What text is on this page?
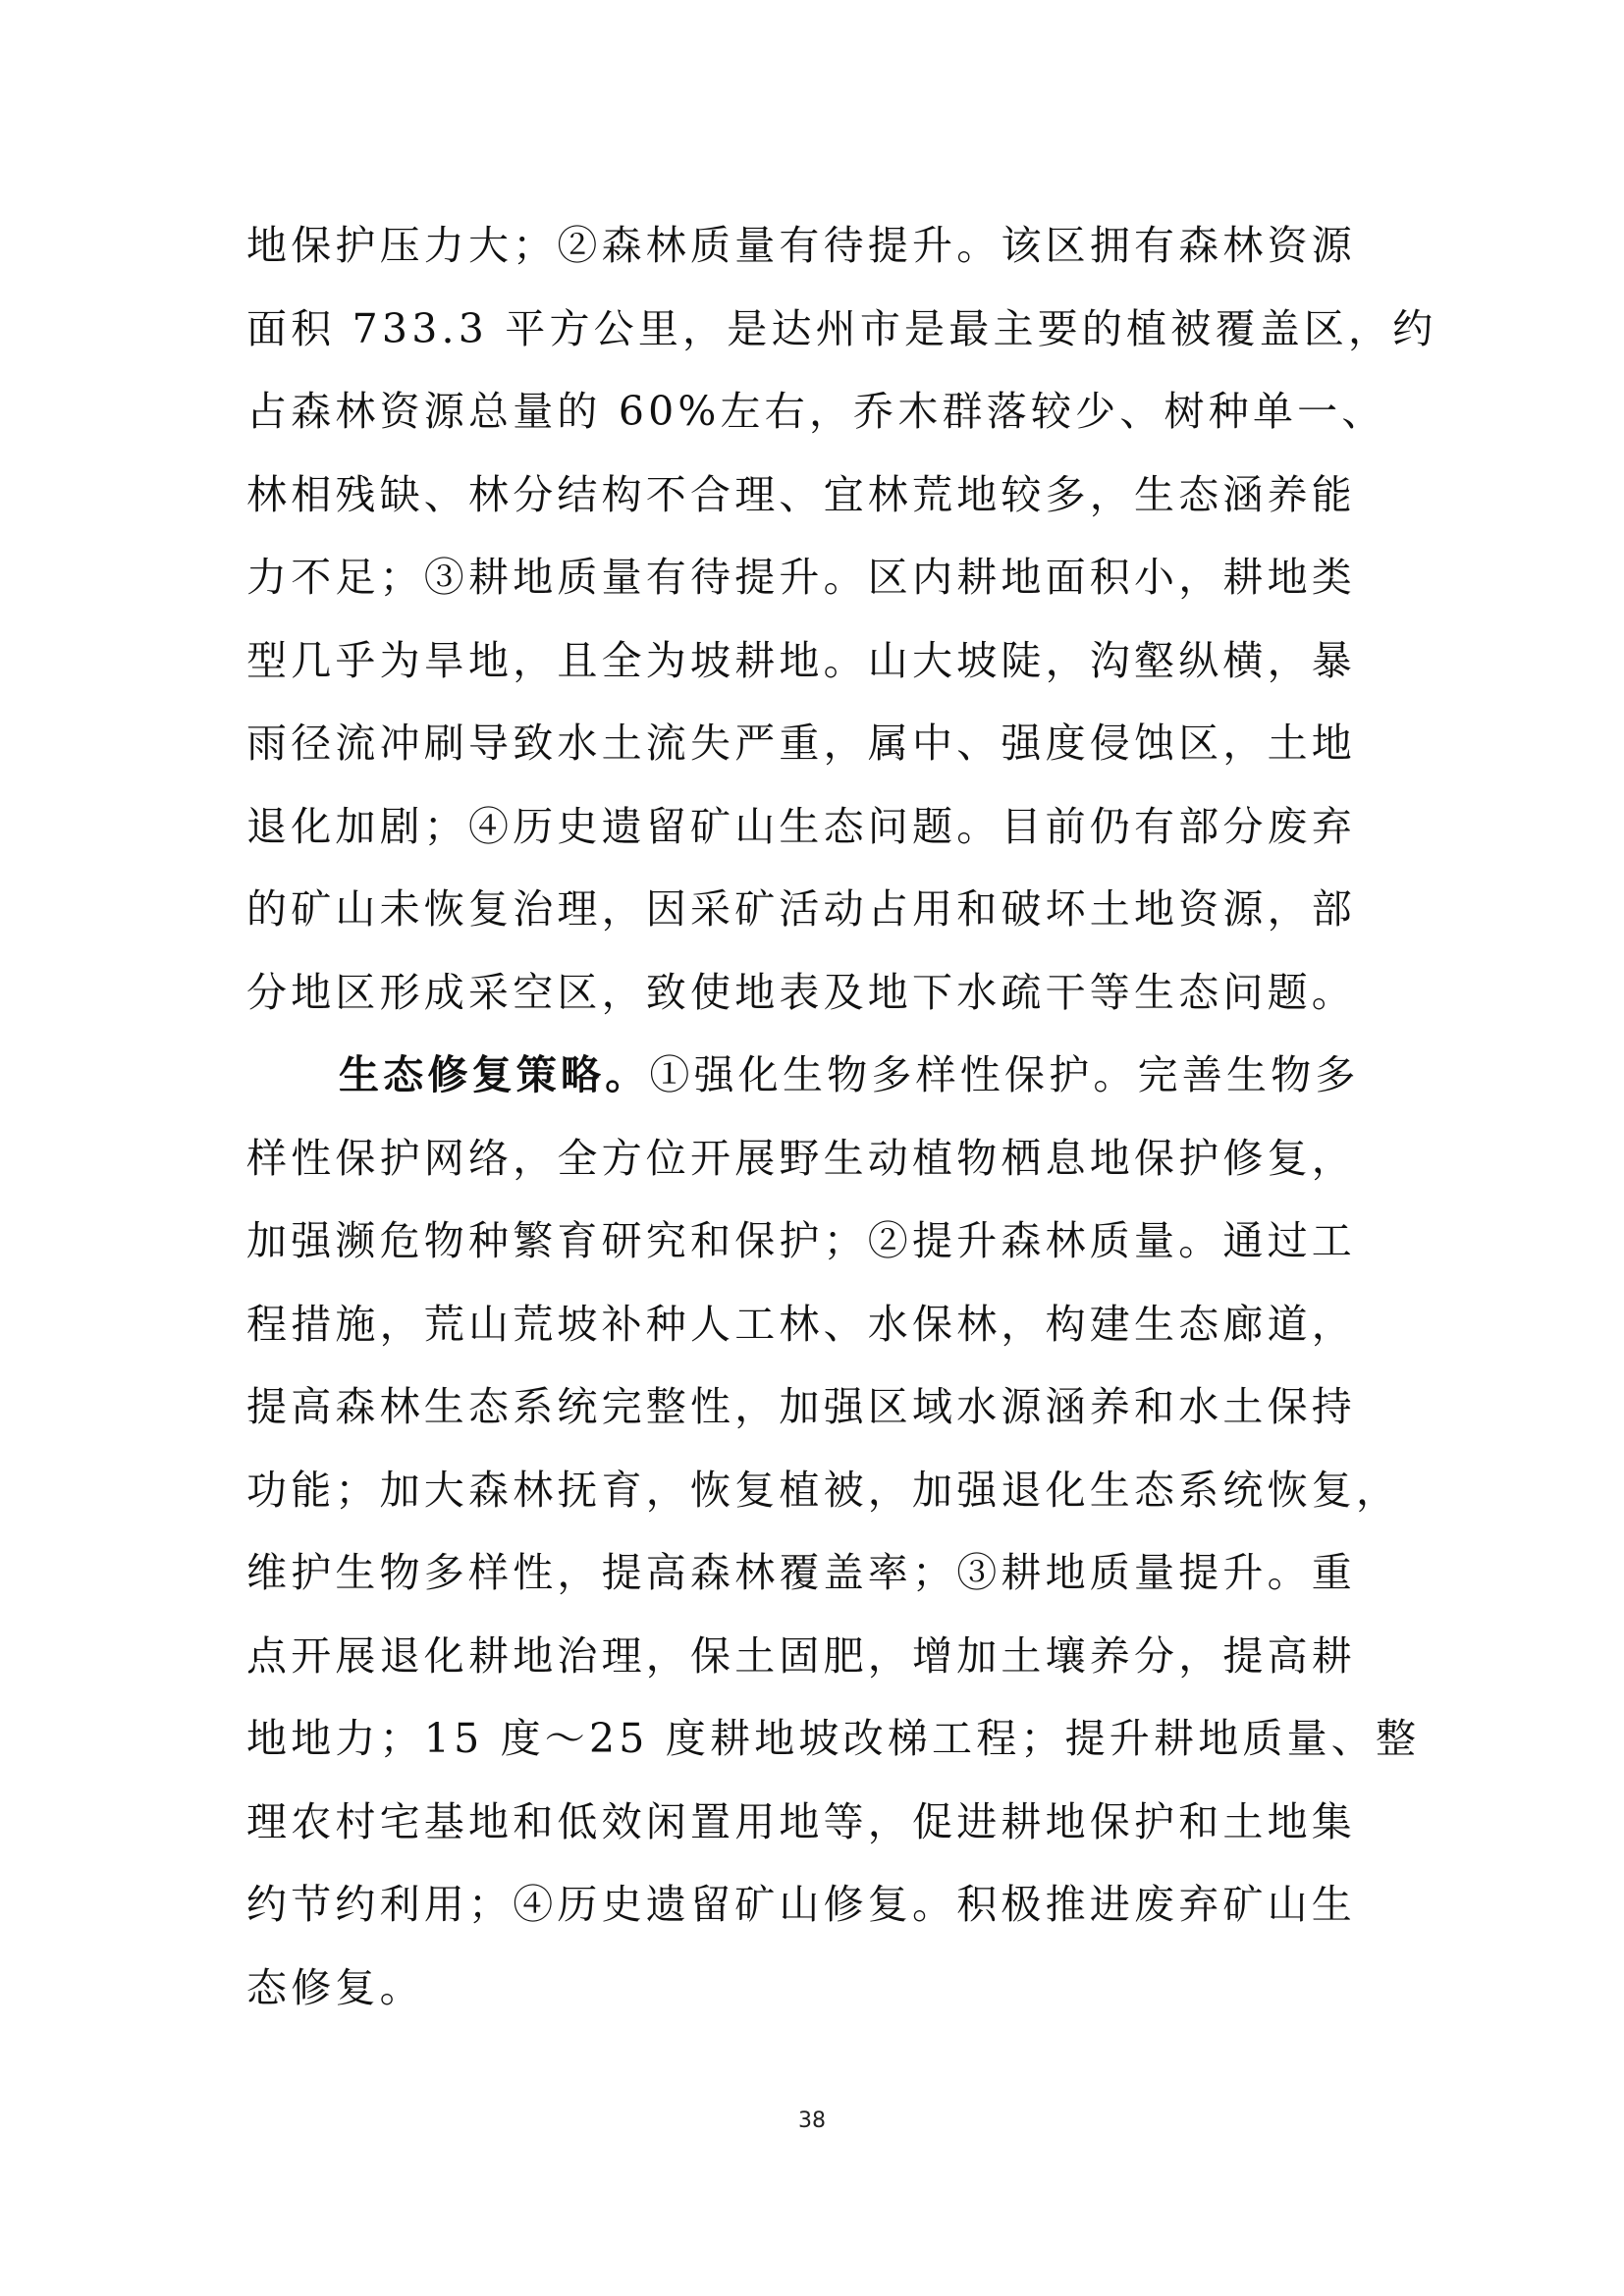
地保护压力大；②森林质量有待提升。该区拥有森林资源
面积 733.3 平方公里，是达州市是最主要的植被覆盖区，约
占森林资源总量的 60%左右，乔木群落较少、树种单一、
林相残缺、林分结构不合理、宜林荒地较多，生态涵养能
力不足；③耕地质量有待提升。区内耕地面积小，耕地类
型几乎为旱地，且全为坡耕地。山大坡陡，沟壑纵横，暴
雨径流冲刷导致水土流失严重，属中、强度侵蚀区，土地
退化加剧；④历史遗留矿山生态问题。目前仍有部分废弃
的矿山未恢复治理，因采矿活动占用和破坏土地资源，部
分地区形成采空区，致使地表及地下水疏干等生态问题。
生态修复策略。①强化生物多样性保护。完善生物多
样性保护网络，全方位开展野生动植物栖息地保护修复，
加强濒危物种繁育研究和保护；②提升森林质量。通过工
程措施，荒山荒坡补种人工林、水保林，构建生态廊道，
提高森林生态系统完整性，加强区域水源涵养和水土保持
功能；加大森林抚育，恢复植被，加强退化生态系统恢复，
维护生物多样性，提高森林覆盖率；③耕地质量提升。重
点开展退化耕地治理，保土固肥，增加土壤养分，提高耕
地地力；15 度～25 度耕地坡改梯工程；提升耕地质量、整
理农村宅基地和低效闲置用地等，促进耕地保护和土地集
约节约利用；④历史遗留矿山修复。积极推进废弃矿山生
态修复。
38
